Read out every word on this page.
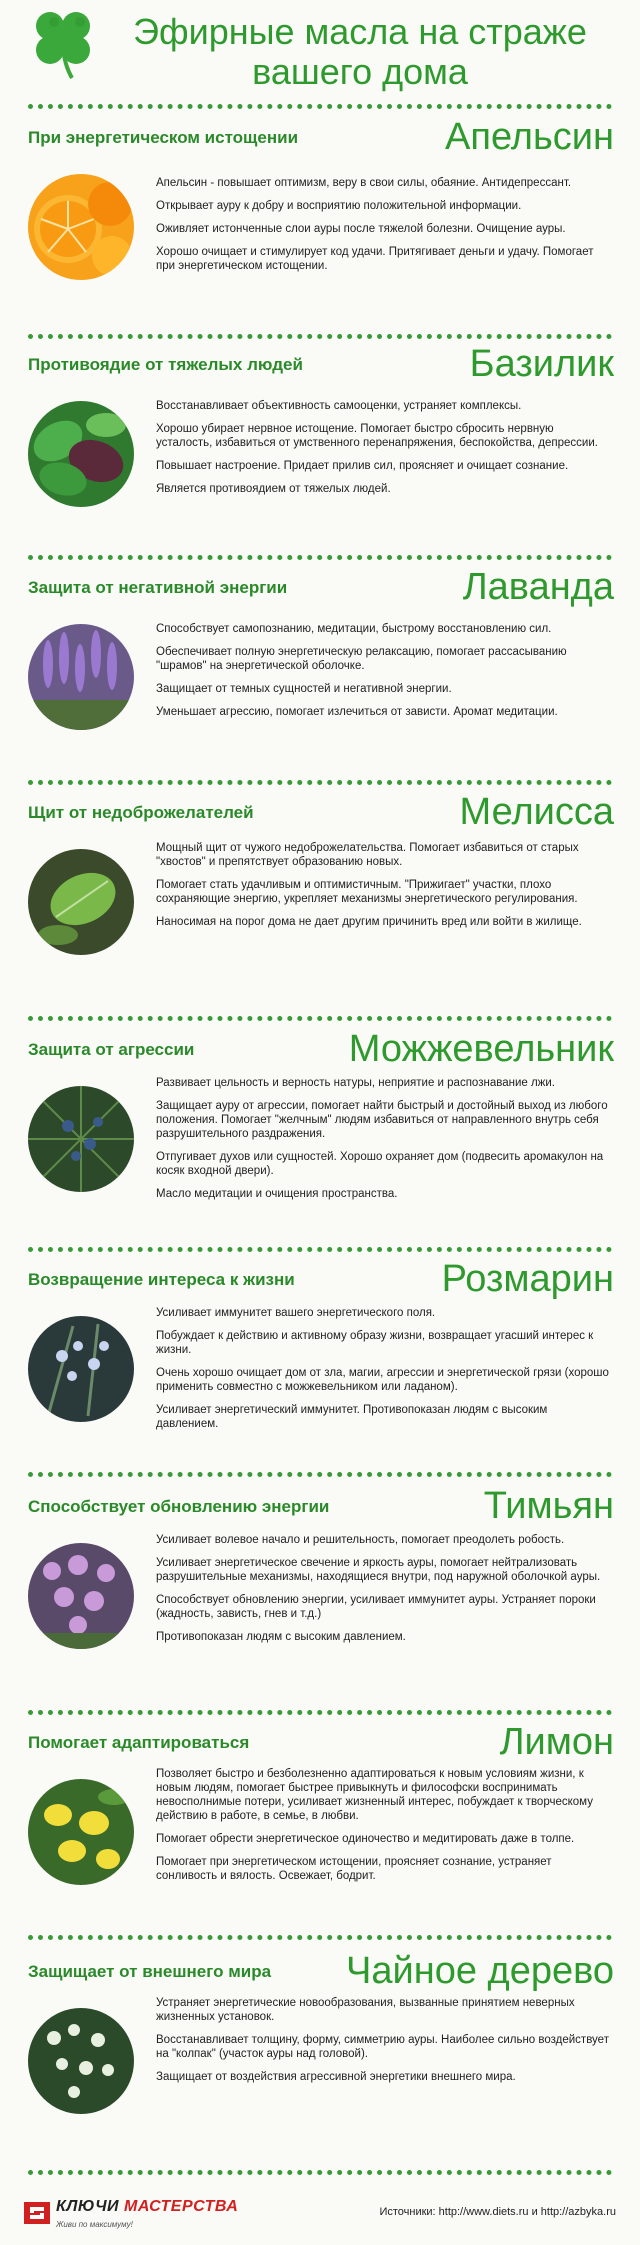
Эфирные масла на страже вашего дома
При энергетическом истощении	Апельсин

Апельсин - повышает оптимизм, веру в свои силы, обаяние. Антидепрессант.

Открывает ауру к добру и восприятию положительной информации.

Оживляет истонченные слои ауры после тяжелой болезни. Очищение ауры.

Хорошо очищает и стимулирует код удачи. Притягивает деньги и удачу. Помогает при энергетическом истощении.

Противоядие от тяжелых людей	Базилик

Восстанавливает объективность самооценки, устраняет комплексы.

Хорошо убирает нервное истощение. Помогает быстро сбросить нервную усталость, избавиться от умственного перенапряжения, беспокойства, депрессии.

Повышает настроение. Придает прилив сил, проясняет и очищает сознание.

Является противоядием от тяжелых людей.

Защита от негативной энергии	Лаванда

Способствует самопознанию, медитации, быстрому восстановлению сил.

Обеспечивает полную энергетическую релаксацию, помогает рассасыванию "шрамов" на энергетической оболочке.

Защищает от темных сущностей и негативной энергии.

Уменьшает агрессию, помогает излечиться от зависти. Аромат медитации.

Щит от недоброжелателей	Мелисса

Мощный щит от чужого недоброжелательства. Помогает избавиться от старых "хвостов" и препятствует образованию новых.

Помогает стать удачливым и оптимистичным. "Прижигает" участки, плохо сохраняющие энергию, укрепляет механизмы энергетического регулирования.

Наносимая на порог дома не дает другим причинить вред или войти в жилище.

Защита от агрессии	Можжевельник

Развивает цельность и верность натуры, неприятие и распознавание лжи.

Защищает ауру от агрессии, помогает найти быстрый и достойный выход из любого положения. Помогает "желчным" людям избавиться от направленного внутрь себя разрушительного раздражения.

Отпугивает духов или сущностей. Хорошо охраняет дом (подвесить аромакулон на косяк входной двери).

Масло медитации и очищения пространства.

Возвращение интереса к жизни	Розмарин

Усиливает иммунитет вашего энергетического поля.

Побуждает к действию и активному образу жизни, возвращает угасший интерес к жизни.

Очень хорошо очищает дом от зла, магии, агрессии и энергетической грязи (хорошо применить совместно с можжевельником или ладаном).

Усиливает энергетический иммунитет. Противопоказан людям с высоким давлением.

Способствует обновлению энергии	Тимьян

Усиливает волевое начало и решительность, помогает преодолеть робость.

Усиливает энергетическое свечение и яркость ауры, помогает нейтрализовать разрушительные механизмы, находящиеся внутри, под наружной оболочкой ауры.

Способствует обновлению энергии, усиливает иммунитет ауры. Устраняет пороки (жадность, зависть, гнев и т.д.)

Противопоказан людям с высоким давлением.

Помогает адаптироваться	Лимон

Позволяет быстро и безболезненно адаптироваться к новым условиям жизни, к новым людям, помогает быстрее привыкнуть и философски воспринимать невосполнимые потери, усиливает жизненный интерес, побуждает к творческому действию в работе, в семье, в любви.

Помогает обрести энергетическое одиночество и медитировать даже в толпе.

Помогает при энергетическом истощении, проясняет сознание, устраняет сонливость и вялость. Освежает, бодрит.

Защищает от внешнего мира Чайное дерево

Устраняет энергетические новообразования, вызванные принятием неверных жизненных установок.

Восстанавливает толщину, форму, симметрию ауры. Наиболее сильно воздействует на "колпак" (участок ауры над головой).

Защищает от воздействия агрессивной энергетики внешнего мира.

КЛЮЧИ МАСТЕРСТВА
Живи по максимуму!
Источники: http://www.diets.ru и http://azbyka.ru
